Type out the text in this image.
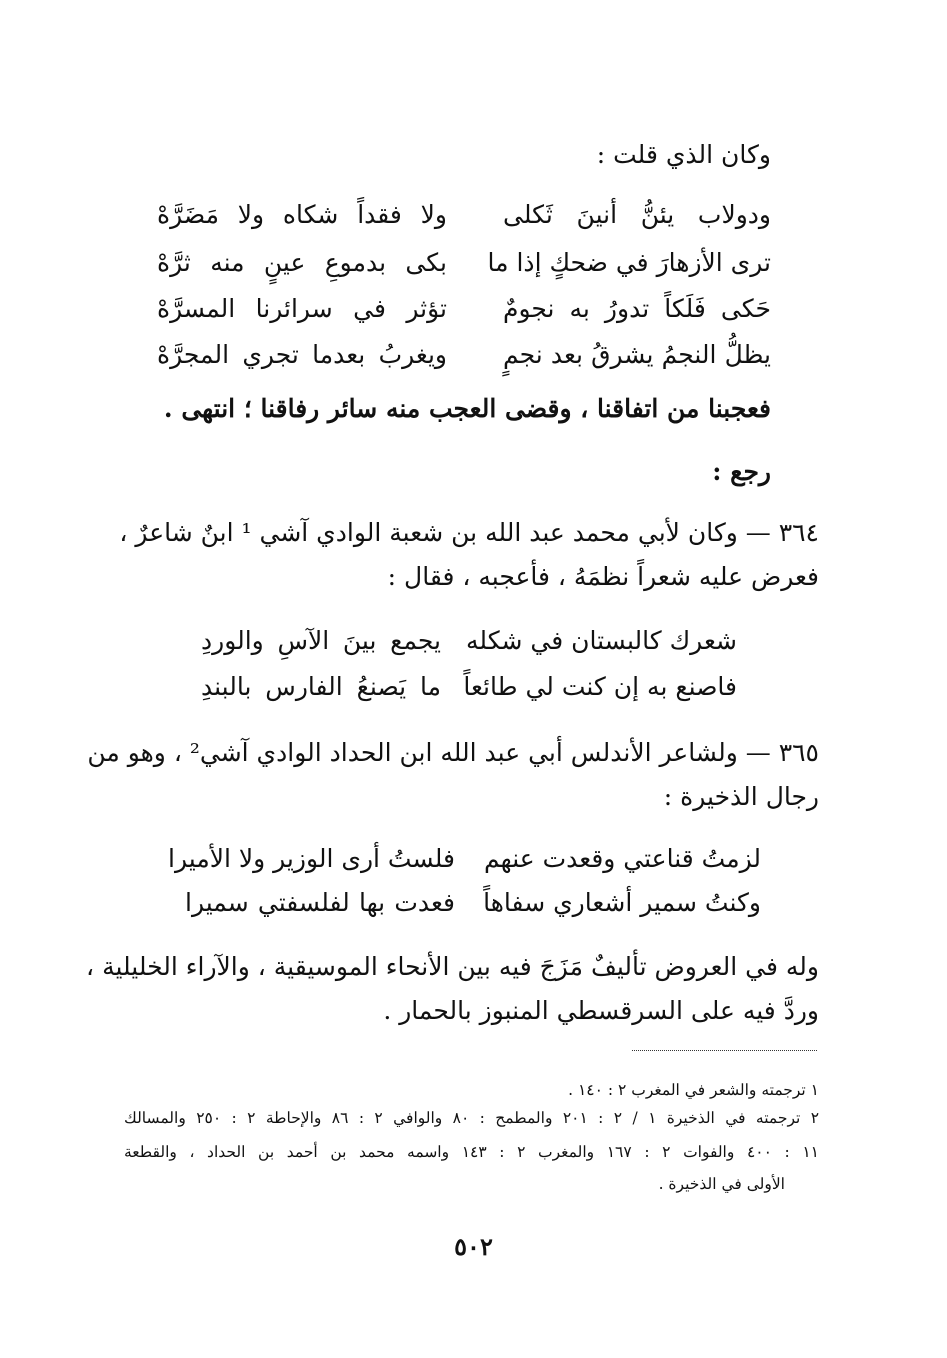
وكان الذي قلت :
ودولاب يئنُّ أنينَ ثَكلى
ولا فقداً شكاه ولا مَضَرَّهْ
ترى الأزهارَ في ضحكٍ إذا ما
بكى بدموعِ عينٍ منه ثرَّهْ
حَكى فَلَكاً تدورُ به نجومٌ
تؤثر في سرائرنا المسرَّهْ
يظلُّ النجمُ يشرقُ بعد نجمٍ
ويغربُ بعدما تجري المجرَّهْ
فعجبنا من اتفاقنا ، وقضى العجب منه سائر رفاقنا ؛ انتهى .
رجع :
٣٦٤ — وكان لأبي محمد عبد الله بن شعبة الوادي آشي ¹ ابنٌ شاعرٌ ،
فعرض عليه شعراً نظمَهُ ، فأعجبه ، فقال :
شعرك كالبستان في شكله
يجمع بينَ الآسِ والوردِ
فاصنع به إن كنت لي طائعاً
ما يَصنعُ الفارس بالبندِ
٣٦٥ — ولشاعر الأندلس أبي عبد الله ابن الحداد الوادي آشي² ، وهو من
رجال الذخيرة :
لزمتُ قناعتي وقعدت عنهم
فلستُ أرى الوزير ولا الأميرا
وكنتُ سمير أشعاري سفاهاً
فعدت بها لفلسفتي سميرا
وله في العروض تأليفٌ مَزَجَ فيه بين الأنحاء الموسيقية ، والآراء الخليلية ،
وردَّ فيه على السرقسطي المنبوز بالحمار .
١ ترجمته والشعر في المغرب ٢ : ١٤٠ .
٢ ترجمته في الذخيرة ١ / ٢ : ٢٠١ والمطمح : ٨٠ والوافي ٢ : ٨٦ والإحاطة ٢ : ٢٥٠ والمسالك
١١ : ٤٠٠ والفوات ٢ : ١٦٧ والمغرب ٢ : ١٤٣ واسمه محمد بن أحمد بن الحداد ، والقطعة
الأولى في الذخيرة .
٥٠٢
